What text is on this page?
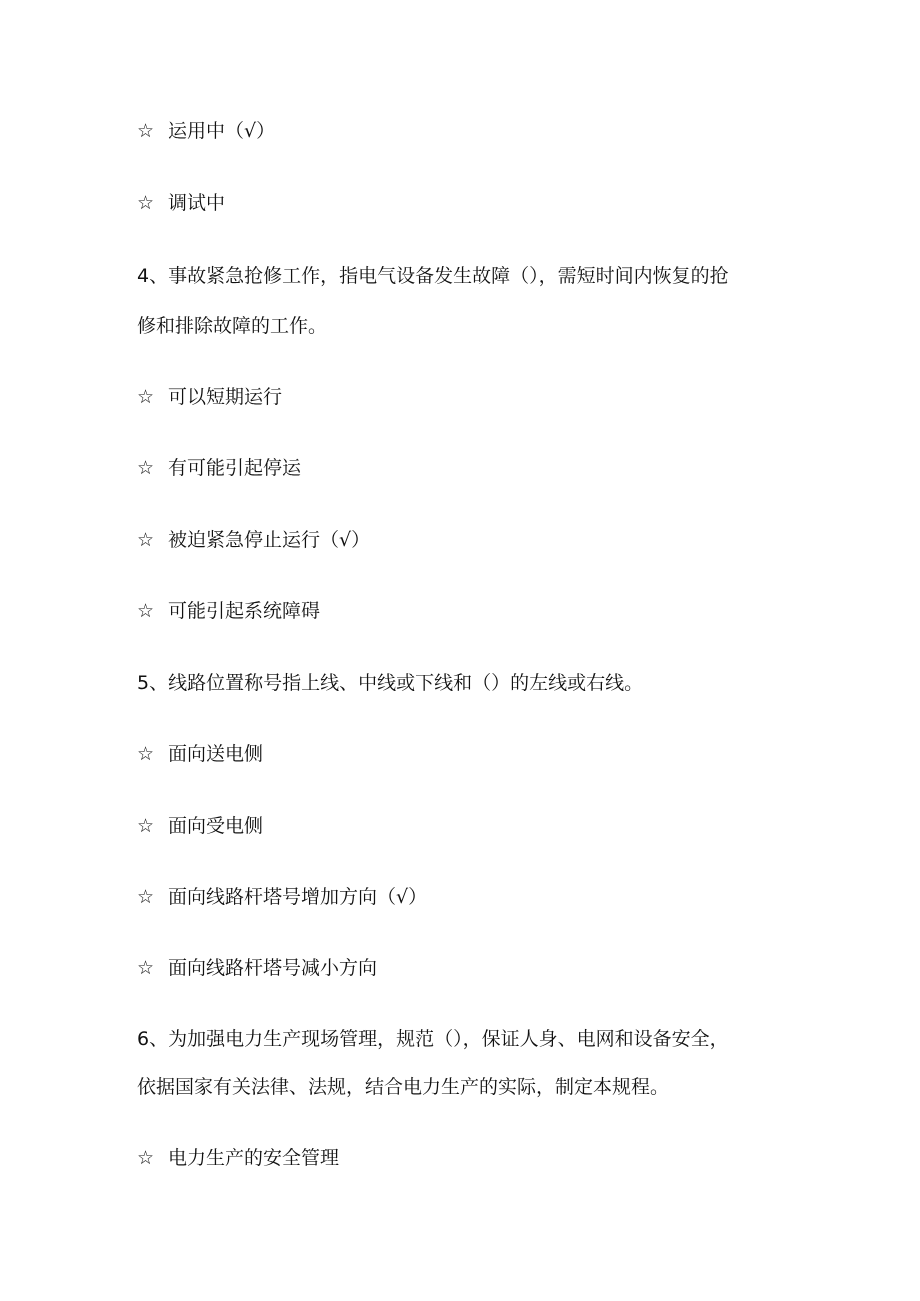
☆ 运用中（√）
☆ 调试中
4、事故紧急抢修工作，指电气设备发生故障（），需短时间内恢复的抢
修和排除故障的工作。
☆ 可以短期运行
☆ 有可能引起停运
☆ 被迫紧急停止运行（√）
☆ 可能引起系统障碍
5、线路位置称号指上线、中线或下线和（）的左线或右线。
☆ 面向送电侧
☆ 面向受电侧
☆ 面向线路杆塔号增加方向（√）
☆ 面向线路杆塔号减小方向
6、为加强电力生产现场管理，规范（），保证人身、电网和设备安全，
依据国家有关法律、法规，结合电力生产的实际，制定本规程。
☆ 电力生产的安全管理
